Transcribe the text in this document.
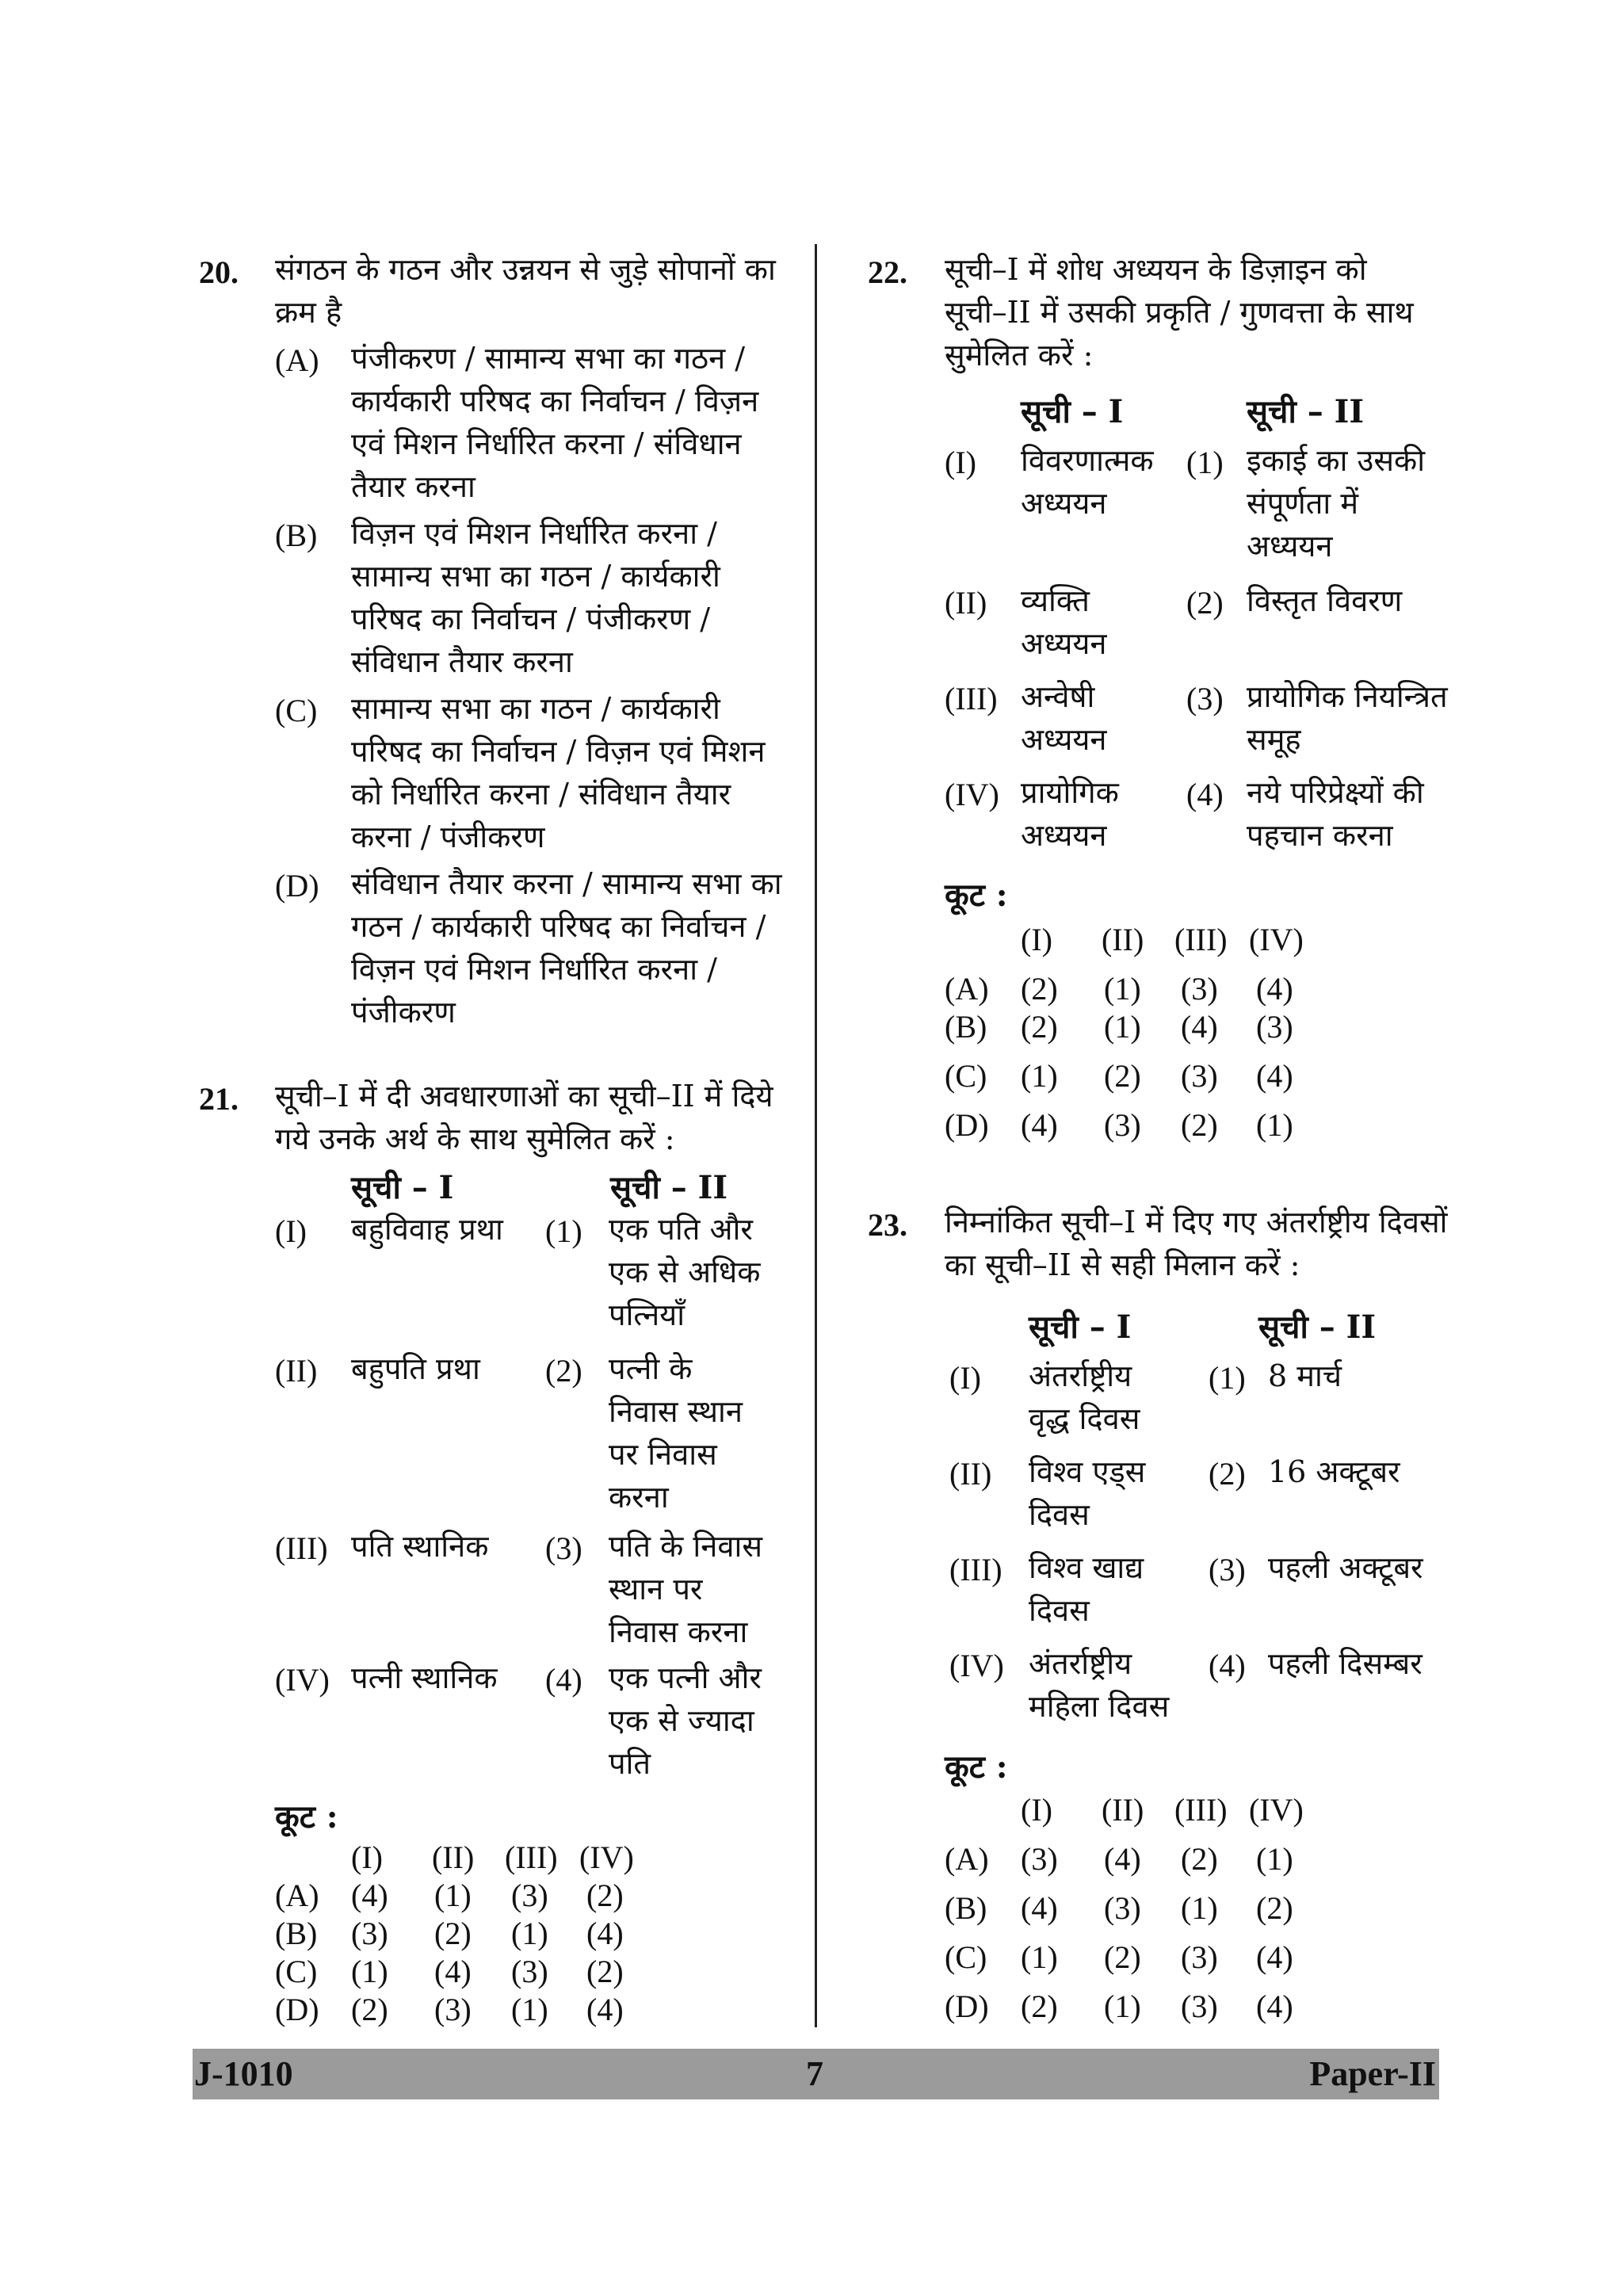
20. संगठन के गठन और उन्नयन से जुड़े सोपानों का
क्रम है
(A) पंजीकरण / सामान्य सभा का गठन /
कार्यकारी परिषद का निर्वाचन / विज़न
एवं मिशन निर्धारित करना / संविधान
तैयार करना
(B) विज़न एवं मिशन निर्धारित करना /
सामान्य सभा का गठन / कार्यकारी
परिषद का निर्वाचन / पंजीकरण /
संविधान तैयार करना
(C) सामान्य सभा का गठन / कार्यकारी
परिषद का निर्वाचन / विज़न एवं मिशन
को निर्धारित करना / संविधान तैयार
करना / पंजीकरण
(D) संविधान तैयार करना / सामान्य सभा का
गठन / कार्यकारी परिषद का निर्वाचन /
विज़न एवं मिशन निर्धारित करना /
पंजीकरण
21. सूची–I में दी अवधारणाओं का सूची–II में दिये
गये उनके अर्थ के साथ सुमेलित करें :
सूची – I	सूची – II
(I) बहुविवाह प्रथा (1) एक पति और
एक से अधिक
पत्नियाँ
(II) बहुपति प्रथा (2) पत्नी के
निवास स्थान
पर निवास
करना
(III) पति स्थानिक (3) पति के निवास
स्थान पर
निवास करना
(IV) पत्नी स्थानिक (4) एक पत्नी और
एक से ज्यादा
पति
कूट :
(I) (II) (III) (IV)
(A) (4) (1) (3) (2)
(B) (3) (2) (1) (4)
(C) (1) (4) (3) (2)
(D) (2) (3) (1) (4)
22. सूची–I में शोध अध्ययन के डिज़ाइन को
सूची–II में उसकी प्रकृति / गुणवत्ता के साथ
सुमेलित करें :
सूची – I	सूची – II
(I) विवरणात्मक
अध्ययन
(1) इकाई का उसकी
संपूर्णता में
अध्ययन
(II) व्यक्ति
अध्ययन
(2) विस्तृत विवरण
(III) अन्वेषी
अध्ययन
(3) प्रायोगिक नियन्त्रित
समूह
(IV) प्रायोगिक
अध्ययन
(4) नये परिप्रेक्ष्यों की
पहचान करना
कूट :
(I) (II) (III) (IV)
(A) (2) (1) (3) (4)
(B) (2) (1) (4) (3)
(C) (1) (2) (3) (4)
(D) (4) (3) (2) (1)
23. निम्नांकित सूची–I में दिए गए अंतर्राष्ट्रीय दिवसों
का सूची–II से सही मिलान करें :
सूची – I	सूची – II
(I) अंतर्राष्ट्रीय
वृद्ध दिवस
(1) 8 मार्च
(II) विश्व एड्स
दिवस
(2) 16 अक्टूबर
(III) विश्व खाद्य
दिवस
(3) पहली अक्टूबर
(IV) अंतर्राष्ट्रीय
महिला दिवस
(4) पहली दिसम्बर
कूट :
(I) (II) (III) (IV)
(A) (3) (4) (2) (1)
(B) (4) (3) (1) (2)
(C) (1) (2) (3) (4)
(D) (2) (1) (3) (4)
J-1010	7	Paper-II
